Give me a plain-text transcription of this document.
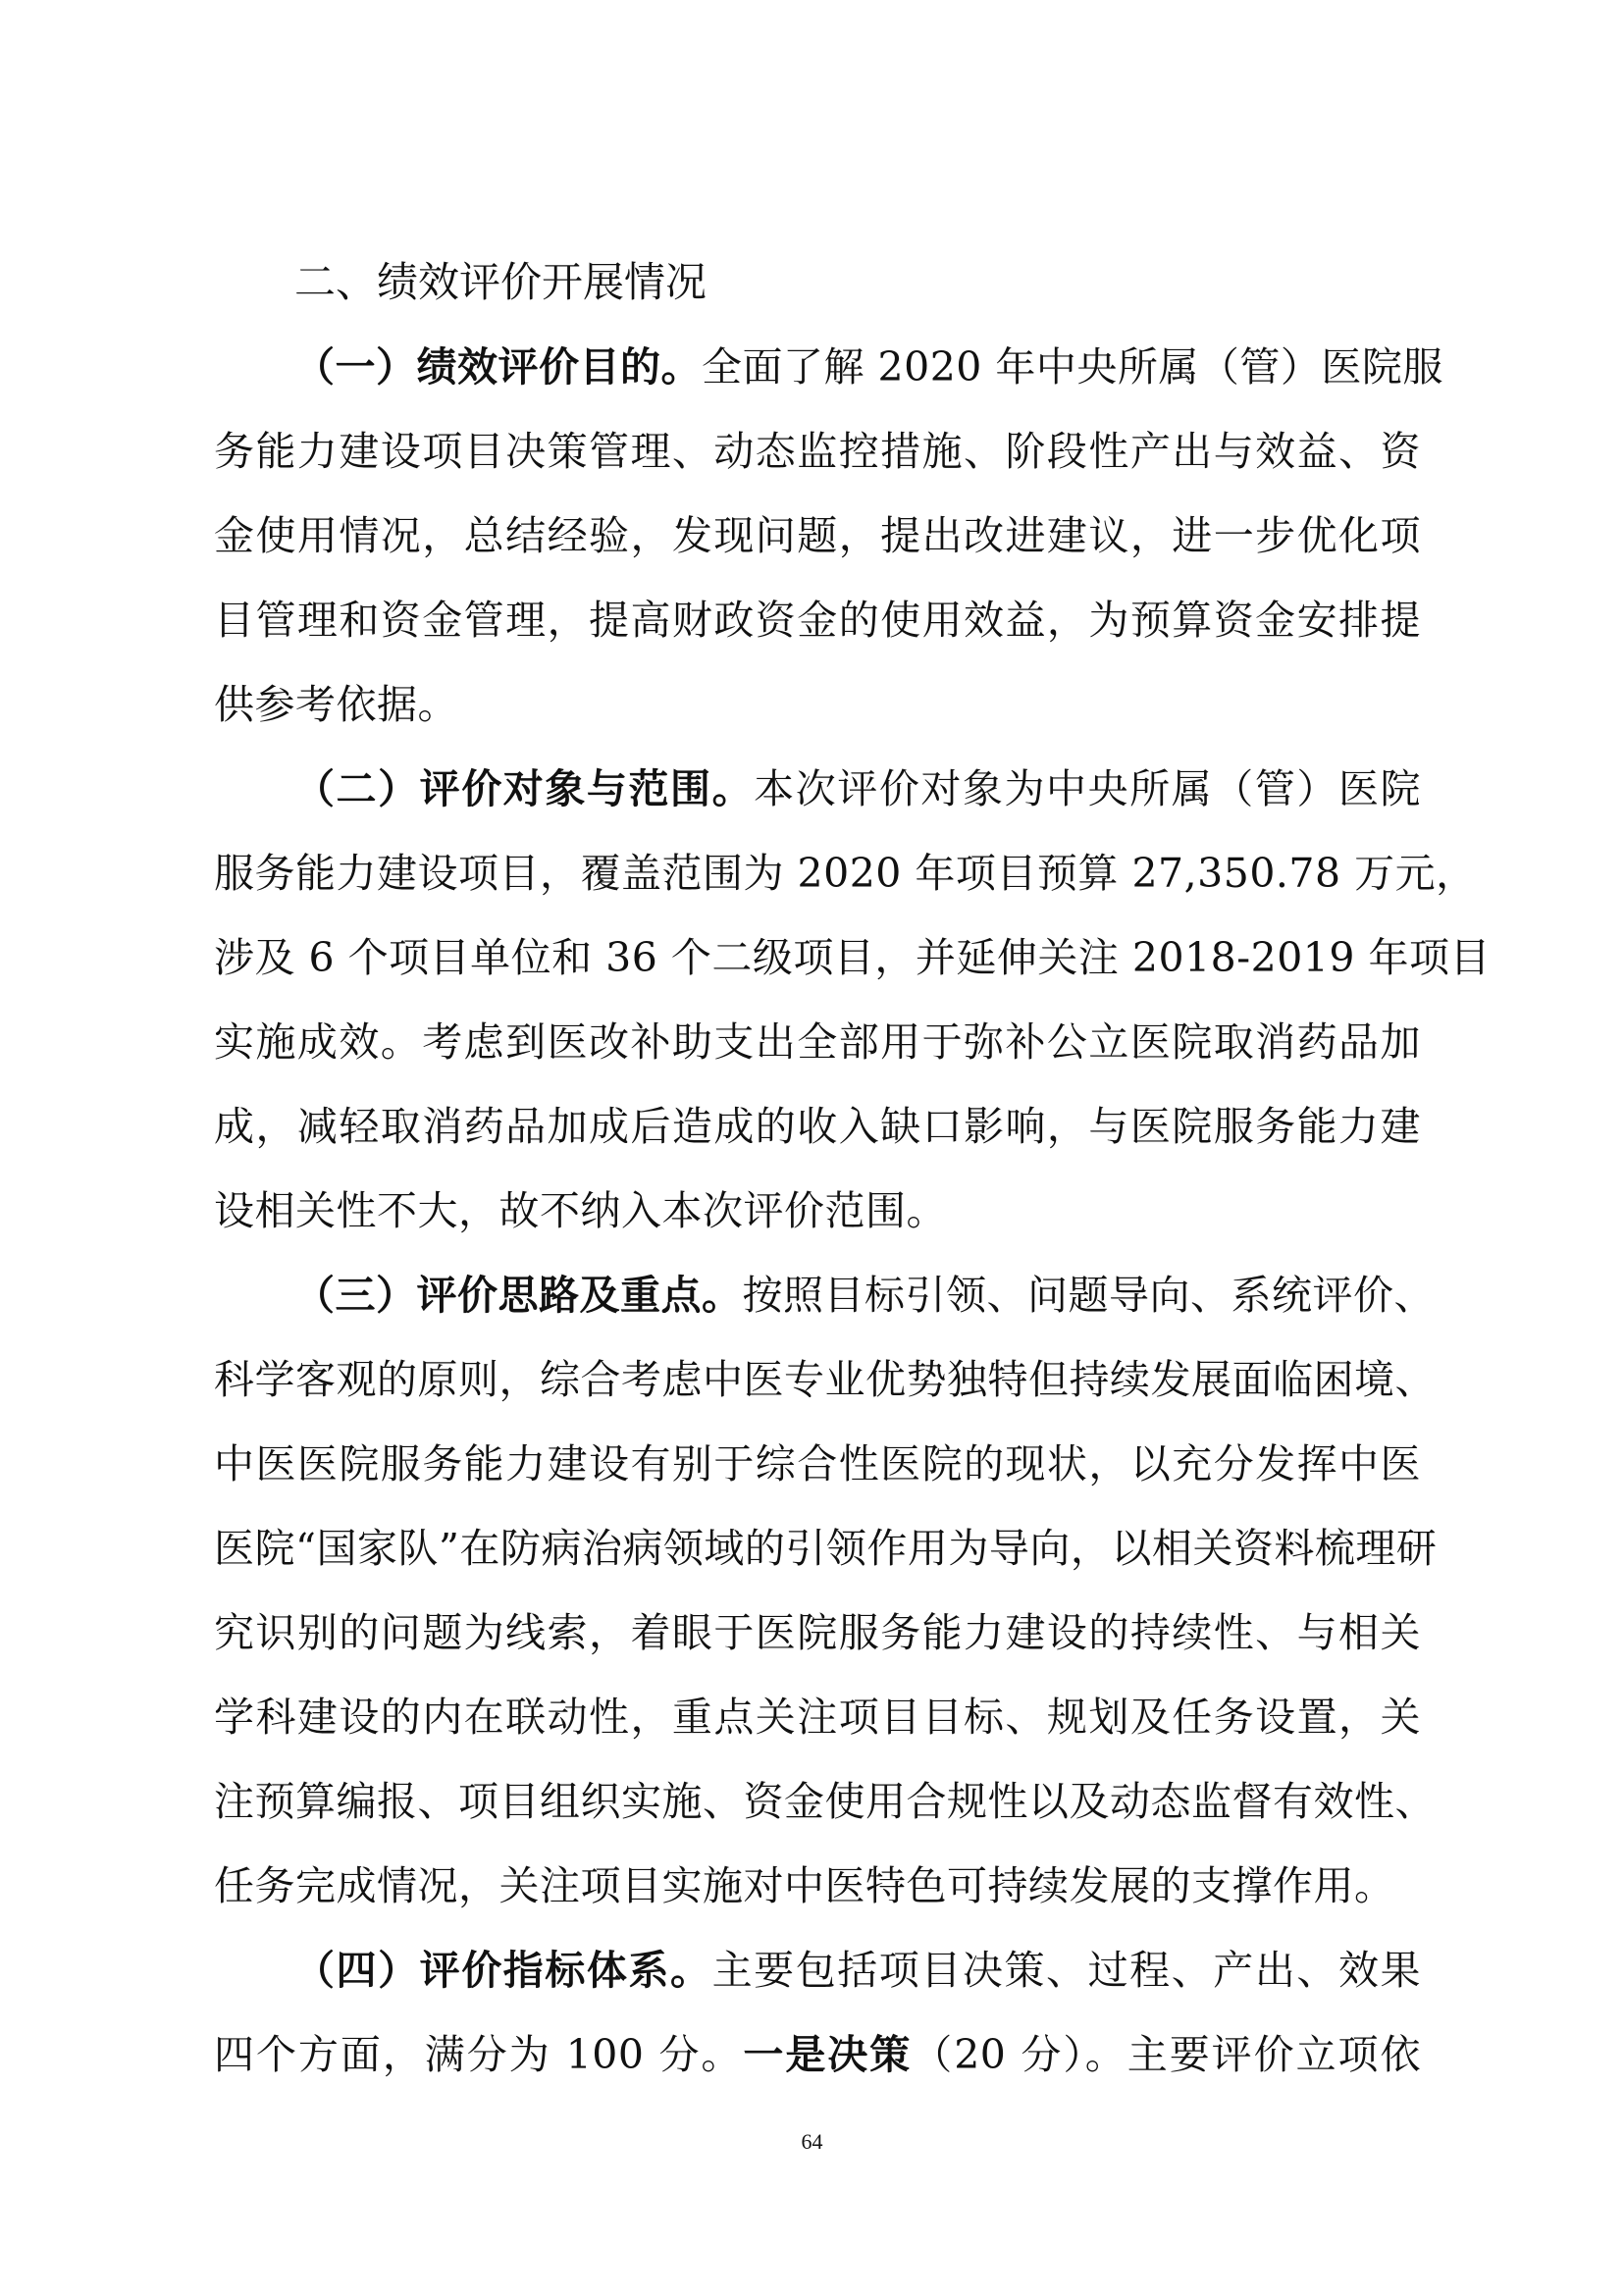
二、绩效评价开展情况
（一）绩效评价目的。全面了解 2020 年中央所属（管）医院服
务能力建设项目决策管理、动态监控措施、阶段性产出与效益、资
金使用情况，总结经验，发现问题，提出改进建议，进一步优化项
目管理和资金管理，提高财政资金的使用效益，为预算资金安排提
供参考依据。
（二）评价对象与范围。本次评价对象为中央所属（管）医院
服务能力建设项目，覆盖范围为 2020 年项目预算 27,350.78 万元，
涉及 6 个项目单位和 36 个二级项目，并延伸关注 2018-2019 年项目
实施成效。考虑到医改补助支出全部用于弥补公立医院取消药品加
成，减轻取消药品加成后造成的收入缺口影响，与医院服务能力建
设相关性不大，故不纳入本次评价范围。
（三）评价思路及重点。按照目标引领、问题导向、系统评价、
科学客观的原则，综合考虑中医专业优势独特但持续发展面临困境、
中医医院服务能力建设有别于综合性医院的现状，以充分发挥中医
医院“国家队”在防病治病领域的引领作用为导向，以相关资料梳理研
究识别的问题为线索，着眼于医院服务能力建设的持续性、与相关
学科建设的内在联动性，重点关注项目目标、规划及任务设置，关
注预算编报、项目组织实施、资金使用合规性以及动态监督有效性、
任务完成情况，关注项目实施对中医特色可持续发展的支撑作用。
（四）评价指标体系。主要包括项目决策、过程、产出、效果
四个方面，满分为 100 分。一是决策（20 分）。主要评价立项依
64
